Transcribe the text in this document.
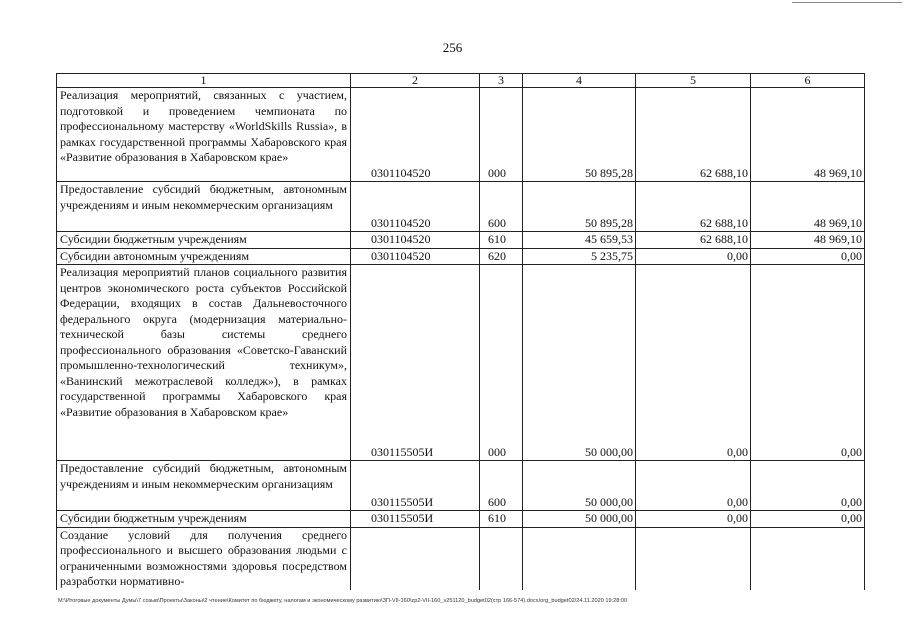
256
1	2	3	4	5	6
Реализация мероприятий, связанных с участием, подготовкой и проведением чемпионата по профессиональному мастерству «WorldSkills Russia», в рамках государственной программы Хабаровского края «Развитие образования в Хабаровском крае»	0301104520	000	50 895,28	62 688,10	48 969,10
Предоставление субсидий бюджетным, автономным учреждениям и иным некоммерческим организациям	0301104520	600	50 895,28	62 688,10	48 969,10
Субсидии бюджетным учреждениям	0301104520	610	45 659,53	62 688,10	48 969,10
Субсидии автономным учреждениям	0301104520	620	5 235,75	0,00	0,00
Реализация мероприятий планов социального развития центров экономического роста субъектов Российской Федерации, входящих в состав Дальневосточного федерального округа (модернизация материально-технической базы системы среднего профессионального образования «Советско-Гаванский промышленно-технологический техникум», «Ванинский межотраслевой колледж»), в рамках государственной программы Хабаровского края «Развитие образования в Хабаровском крае»	030115505И	000	50 000,00	0,00	0,00
Предоставление субсидий бюджетным, автономным учреждениям и иным некоммерческим организациям	030115505И	600	50 000,00	0,00	0,00
Субсидии бюджетным учреждениям	030115505И	610	50 000,00	0,00	0,00
Создание условий для получения среднего профессионального и высшего образования людьми с ограниченными возможностями здоровья посредством разработки нормативно-					
M:\Итоговые документы Думы\7 созыв\Проекты\Законы\2 чтение\Комитет по бюджету, налогам и экономическому развитию\ЗП-VII-160\zp2-VII-160_v251120_budget02(стр 166-574).docx/org_budget02/24.11.2020 19:28:00
